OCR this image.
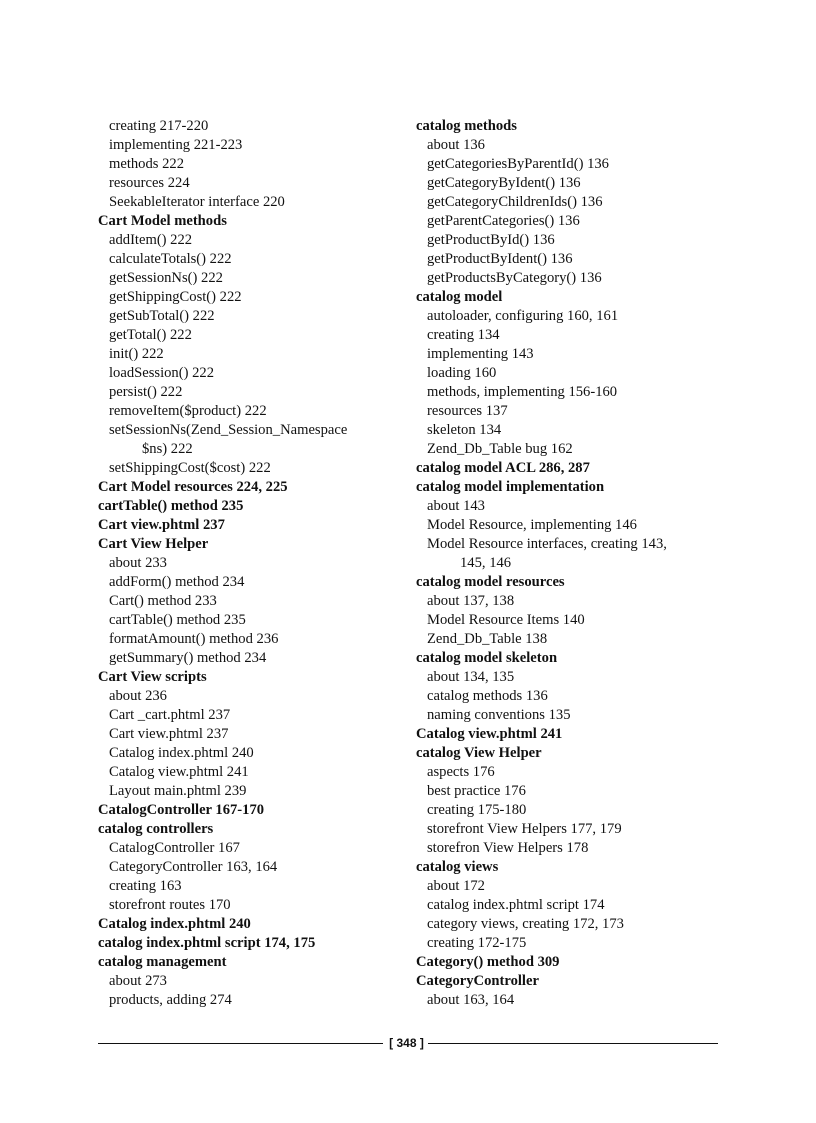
creating 217-220
implementing 221-223
methods 222
resources 224
SeekableIterator interface 220
Cart Model methods
addItem() 222
calculateTotals() 222
getSessionNs() 222
getShippingCost() 222
getSubTotal() 222
getTotal() 222
init() 222
loadSession() 222
persist() 222
removeItem($product) 222
setSessionNs(Zend_Session_Namespace
$ns) 222
setShippingCost($cost) 222
Cart Model resources 224, 225
cartTable() method 235
Cart view.phtml 237
Cart View Helper
about 233
addForm() method 234
Cart() method 233
cartTable() method 235
formatAmount() method 236
getSummary() method 234
Cart View scripts
about 236
Cart _cart.phtml 237
Cart view.phtml 237
Catalog index.phtml 240
Catalog view.phtml 241
Layout main.phtml 239
CatalogController 167-170
catalog controllers
CatalogController 167
CategoryController 163, 164
creating 163
storefront routes 170
Catalog index.phtml 240
catalog index.phtml script 174, 175
catalog management
about 273
products, adding 274
catalog methods
about 136
getCategoriesByParentId() 136
getCategoryByIdent() 136
getCategoryChildrenIds() 136
getParentCategories() 136
getProductById() 136
getProductByIdent() 136
getProductsByCategory() 136
catalog model
autoloader, configuring 160, 161
creating 134
implementing 143
loading 160
methods, implementing 156-160
resources 137
skeleton 134
Zend_Db_Table bug 162
catalog model ACL 286, 287
catalog model implementation
about 143
Model Resource, implementing 146
Model Resource interfaces, creating 143,
145, 146
catalog model resources
about 137, 138
Model Resource Items 140
Zend_Db_Table 138
catalog model skeleton
about 134, 135
catalog methods 136
naming conventions 135
Catalog view.phtml 241
catalog View Helper
aspects 176
best practice 176
creating 175-180
storefront View Helpers 177, 179
storefron View Helpers 178
catalog views
about 172
catalog index.phtml script 174
category views, creating 172, 173
creating 172-175
Category() method 309
CategoryController
about 163, 164
[ 348 ]
